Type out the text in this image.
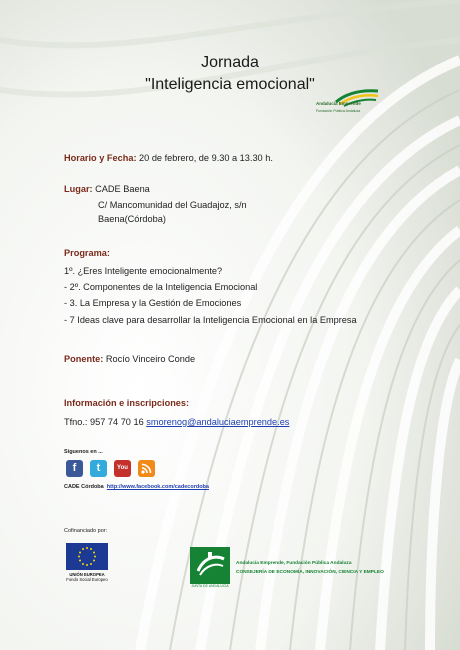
Jornada
"Inteligencia emocional"
Andalucía Emprende
Fundación Pública Andaluza
Horario y Fecha: 20 de febrero, de 9.30 a 13.30 h.
Lugar: CADE Baena
C/ Mancomunidad del Guadajoz, s/n
Baena(Córdoba)
Programa:
1º. ¿Eres Inteligente emocionalmente?
- 2º. Componentes de la Inteligencia Emocional
- 3. La Empresa y la Gestión de Emociones
- 7 Ideas clave para desarrollar la Inteligencia Emocional en la Empresa
Ponente: Rocío Vinceiro Conde
Información e inscripciones:
Tfno.: 957 74 70 16 smorenog@andaluciaemprende.es
Síguenos en ...
f	t	You
CADE Córdoba http://www.facebook.com/cadecordoba
Cofinanciado por:
UNIÓN EUROPEA
Fondo Social Europeo
JUNTA DE ANDALUCIA
Andalucía Emprende, Fundación Pública Andaluza
CONSEJERÍA DE ECONOMÍA, INNOVACIÓN, CIENCIA Y EMPLEO
